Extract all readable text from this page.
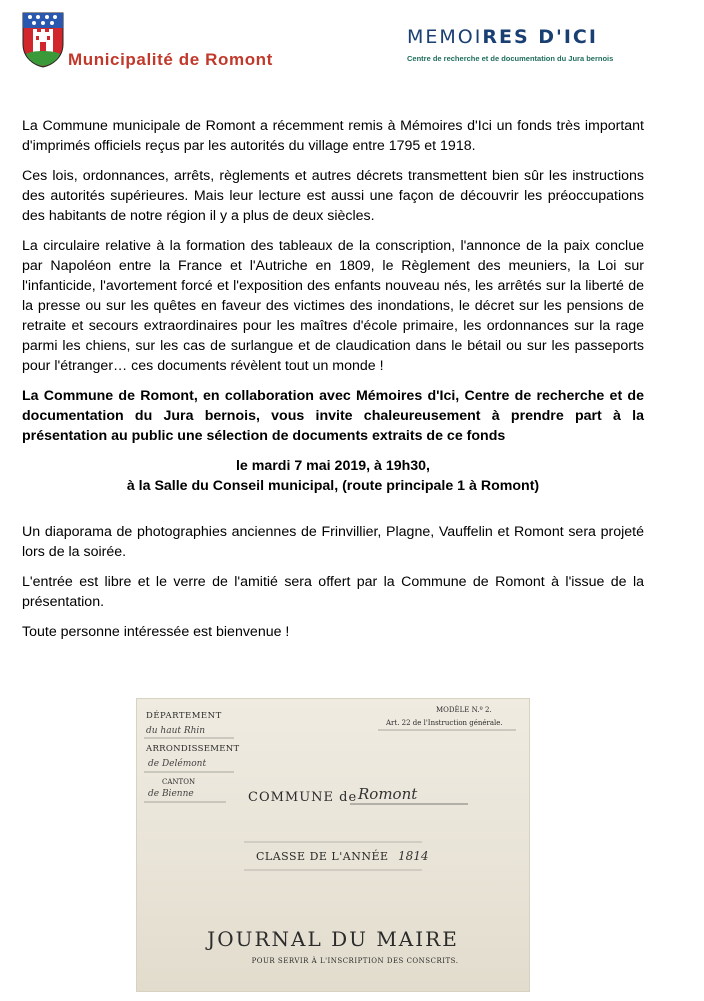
Municipalité de Romont
MEMOIRES D'ICI
Centre de recherche et de documentation du Jura bernois

La Commune municipale de Romont a récemment remis à Mémoires d'Ici un fonds très important d'imprimés officiels reçus par les autorités du village entre 1795 et 1918.

Ces lois, ordonnances, arrêts, règlements et autres décrets transmettent bien sûr les instructions des autorités supérieures. Mais leur lecture est aussi une façon de découvrir les préoccupations des habitants de notre région il y a plus de deux siècles.

La circulaire relative à la formation des tableaux de la conscription, l'annonce de la paix conclue par Napoléon entre la France et l'Autriche en 1809, le Règlement des meuniers, la Loi sur l'infanticide, l'avortement forcé et l'exposition des enfants nouveau nés, les arrêtés sur la liberté de la presse ou sur les quêtes en faveur des victimes des inondations, le décret sur les pensions de retraite et secours extraordinaires pour les maîtres d'école primaire, les ordonnances sur la rage parmi les chiens, sur les cas de surlangue et de claudication dans le bétail ou sur les passeports pour l'étranger… ces documents révèlent tout un monde !

La Commune de Romont, en collaboration avec Mémoires d'Ici, Centre de recherche et de documentation du Jura bernois, vous invite chaleureusement à prendre part à la présentation au public une sélection de documents extraits de ce fonds

le mardi 7 mai 2019, à 19h30,
à la Salle du Conseil municipal, (route principale 1 à Romont)

Un diaporama de photographies anciennes de Frinvillier, Plagne, Vauffelin et Romont sera projeté lors de la soirée.

L'entrée est libre et le verre de l'amitié sera offert par la Commune de Romont à l'issue de la présentation.

Toute personne intéressée est bienvenue !

DÉPARTEMENT
du haut Rhin
ARRONDISSEMENT
de Delémont
CANTON
de Bienne
MODÈLE N.º 2.
Art. 22 de l'Instruction générale.
COMMUNE de Romont
CLASSE DE L'ANNÉE 1814
JOURNAL DU MAIRE
POUR SERVIR À L'INSCRIPTION DES CONSCRITS.
